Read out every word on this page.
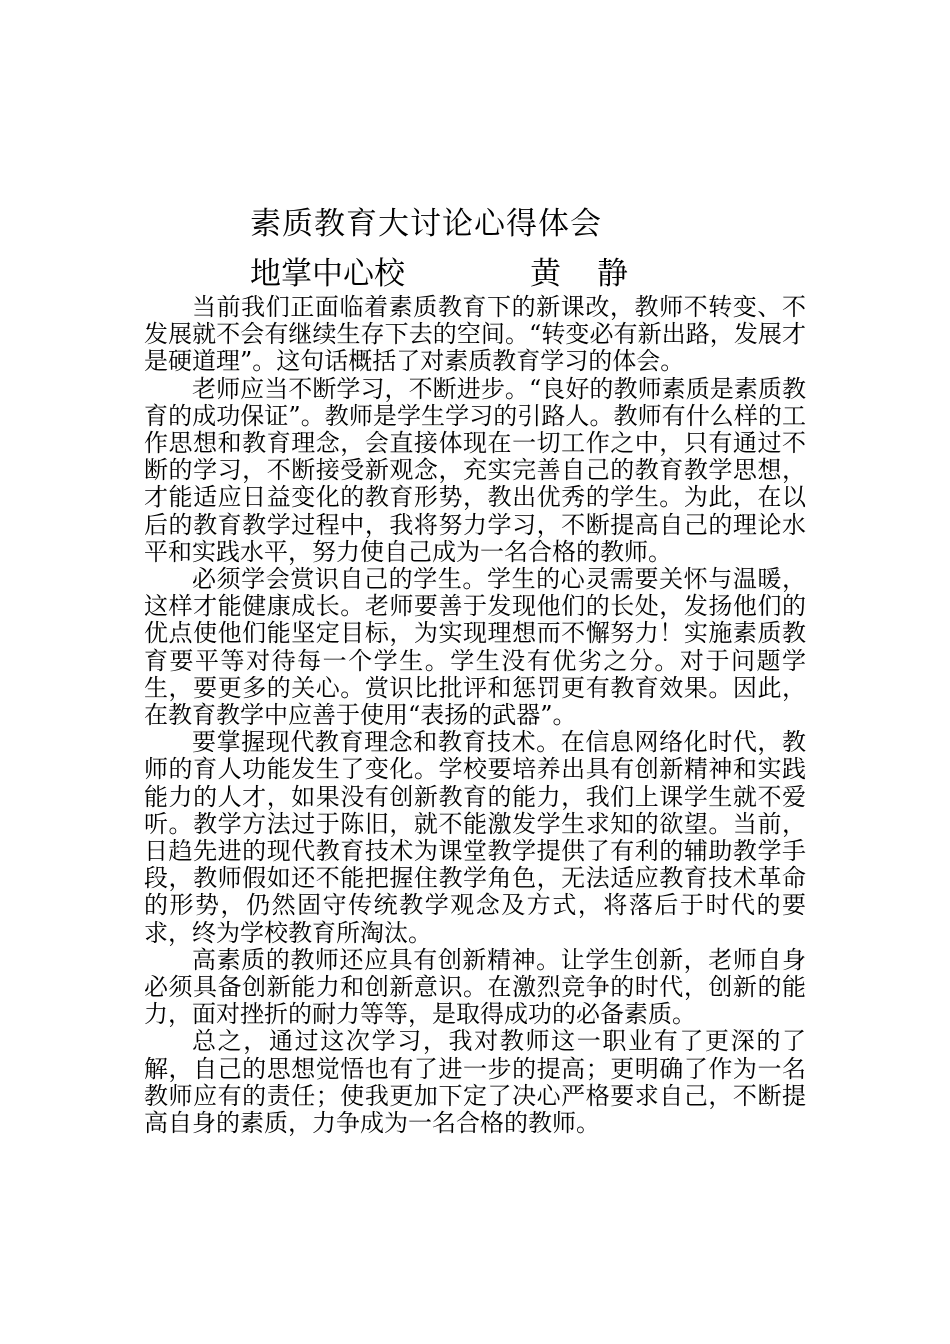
素质教育大讨论心得体会
地掌中心校	黄静

当前我们正面临着素质教育下的新课改，教师不转变、不发展就不会有继续生存下去的空间。“转变必有新出路，发展才是硬道理”。这句话概括了对素质教育学习的体会。

老师应当不断学习，不断进步。“良好的教师素质是素质教育的成功保证”。教师是学生学习的引路人。教师有什么样的工作思想和教育理念，会直接体现在一切工作之中，只有通过不断的学习，不断接受新观念，充实完善自己的教育教学思想，才能适应日益变化的教育形势，教出优秀的学生。为此，在以后的教育教学过程中，我将努力学习，不断提高自己的理论水平和实践水平，努力使自己成为一名合格的教师。

必须学会赏识自己的学生。学生的心灵需要关怀与温暖，这样才能健康成长。老师要善于发现他们的长处，发扬他们的优点使他们能坚定目标，为实现理想而不懈努力！实施素质教育要平等对待每一个学生。学生没有优劣之分。对于问题学生，要更多的关心。赏识比批评和惩罚更有教育效果。因此，在教育教学中应善于使用“表扬的武器”。

要掌握现代教育理念和教育技术。在信息网络化时代，教师的育人功能发生了变化。学校要培养出具有创新精神和实践能力的人才，如果没有创新教育的能力，我们上课学生就不爱听。教学方法过于陈旧，就不能激发学生求知的欲望。当前，日趋先进的现代教育技术为课堂教学提供了有利的辅助教学手段，教师假如还不能把握住教学角色，无法适应教育技术革命的形势，仍然固守传统教学观念及方式，将落后于时代的要求，终为学校教育所淘汰。

高素质的教师还应具有创新精神。让学生创新，老师自身必须具备创新能力和创新意识。在激烈竞争的时代，创新的能力，面对挫折的耐力等等，是取得成功的必备素质。

总之，通过这次学习，我对教师这一职业有了更深的了解，自己的思想觉悟也有了进一步的提高；更明确了作为一名教师应有的责任；使我更加下定了决心严格要求自己，不断提高自身的素质，力争成为一名合格的教师。
